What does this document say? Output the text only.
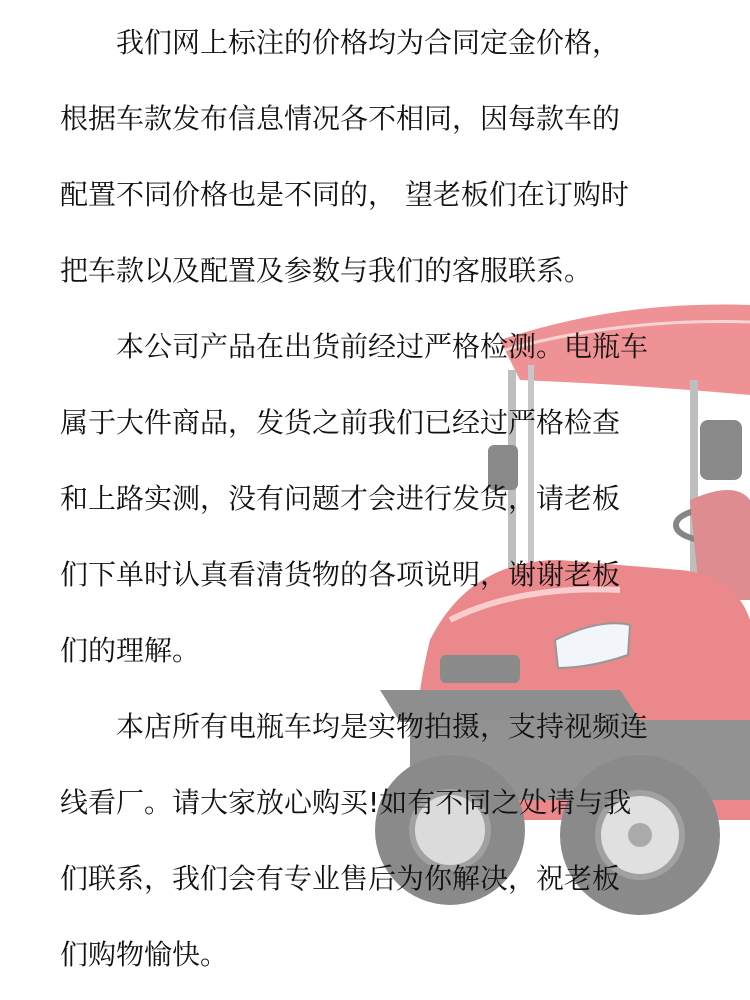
我们网上标注的价格均为合同定金价格，
根据车款发布信息情况各不相同，因每款车的
配置不同价格也是不同的， 望老板们在订购时
把车款以及配置及参数与我们的客服联系。
本公司产品在出货前经过严格检测。电瓶车
属于大件商品，发货之前我们已经过严格检查
和上路实测，没有问题才会进行发货，请老板
们下单时认真看清货物的各项说明，谢谢老板
们的理解。
本店所有电瓶车均是实物拍摄，支持视频连
线看厂。请大家放心购买!如有不同之处请与我
们联系，我们会有专业售后为你解决，祝老板
们购物愉快。
